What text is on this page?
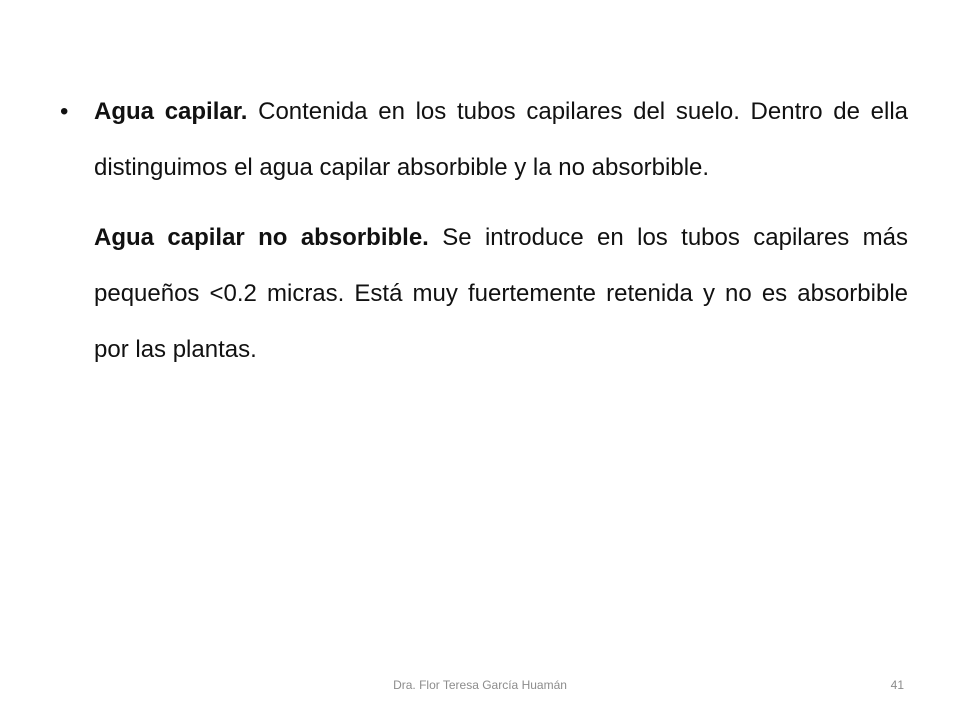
• Agua capilar. Contenida en los tubos capilares del suelo. Dentro de ella distinguimos el agua capilar absorbible y la no absorbible.

Agua capilar no absorbible. Se introduce en los tubos capilares más pequeños <0.2 micras. Está muy fuertemente retenida y no es absorbible por las plantas.

Dra. Flor Teresa García Huamán	41
